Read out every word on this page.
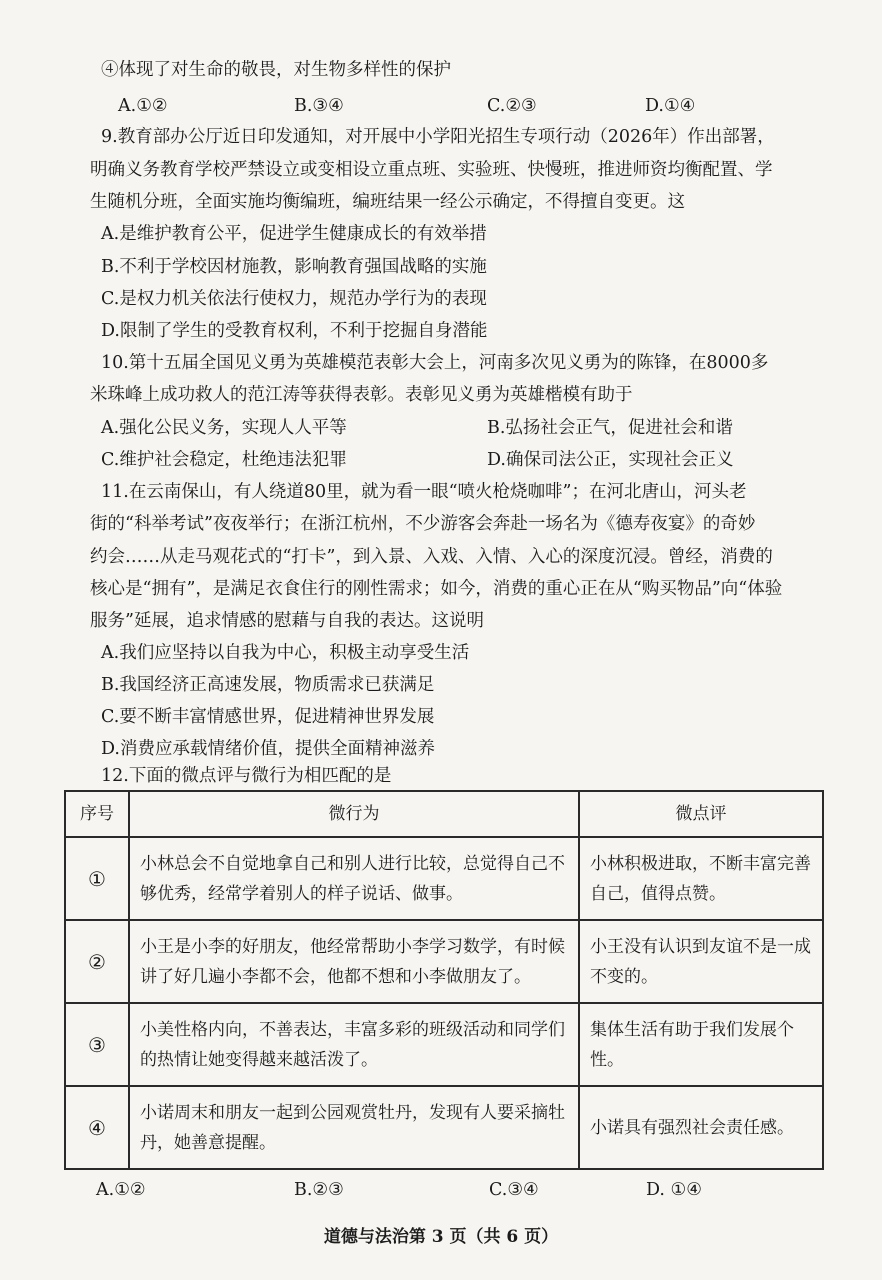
④体现了对生命的敬畏，对生物多样性的保护
A.①②	B.③④	C.②③	D.①④
9.教育部办公厅近日印发通知，对开展中小学阳光招生专项行动（2026年）作出部署，
明确义务教育学校严禁设立或变相设立重点班、实验班、快慢班，推进师资均衡配置、学
生随机分班，全面实施均衡编班，编班结果一经公示确定，不得擅自变更。这
A.是维护教育公平，促进学生健康成长的有效举措
B.不利于学校因材施教，影响教育强国战略的实施
C.是权力机关依法行使权力，规范办学行为的表现
D.限制了学生的受教育权利，不利于挖掘自身潜能
10.第十五届全国见义勇为英雄模范表彰大会上，河南多次见义勇为的陈锋，在8000多
米珠峰上成功救人的范江涛等获得表彰。表彰见义勇为英雄楷模有助于
A.强化公民义务，实现人人平等	B.弘扬社会正气，促进社会和谐
C.维护社会稳定，杜绝违法犯罪	D.确保司法公正，实现社会正义
11.在云南保山，有人绕道80里，就为看一眼“喷火枪烧咖啡”；在河北唐山，河头老
街的“科举考试”夜夜举行；在浙江杭州，不少游客会奔赴一场名为《德寿夜宴》的奇妙
约会……从走马观花式的“打卡”，到入景、入戏、入情、入心的深度沉浸。曾经，消费的
核心是“拥有”，是满足衣食住行的刚性需求；如今，消费的重心正在从“购买物品”向“体验
服务”延展，追求情感的慰藉与自我的表达。这说明
A.我们应坚持以自我为中心，积极主动享受生活
B.我国经济正高速发展，物质需求已获满足
C.要不断丰富情感世界，促进精神世界发展
D.消费应承载情绪价值，提供全面精神滋养
12.下面的微点评与微行为相匹配的是
序号	微行为	微点评
①	小林总会不自觉地拿自己和别人进行比较，总觉得自己不够优秀，经常学着别人的样子说话、做事。	小林积极进取，不断丰富完善自己，值得点赞。
②	小王是小李的好朋友，他经常帮助小李学习数学，有时候讲了好几遍小李都不会，他都不想和小李做朋友了。	小王没有认识到友谊不是一成不变的。
③	小美性格内向，不善表达，丰富多彩的班级活动和同学们的热情让她变得越来越活泼了。	集体生活有助于我们发展个性。
④	小诺周末和朋友一起到公园观赏牡丹，发现有人要采摘牡丹，她善意提醒。	小诺具有强烈社会责任感。
A.①②	B.②③	C.③④	D. ①④
道德与法治第 3 页（共 6 页）
